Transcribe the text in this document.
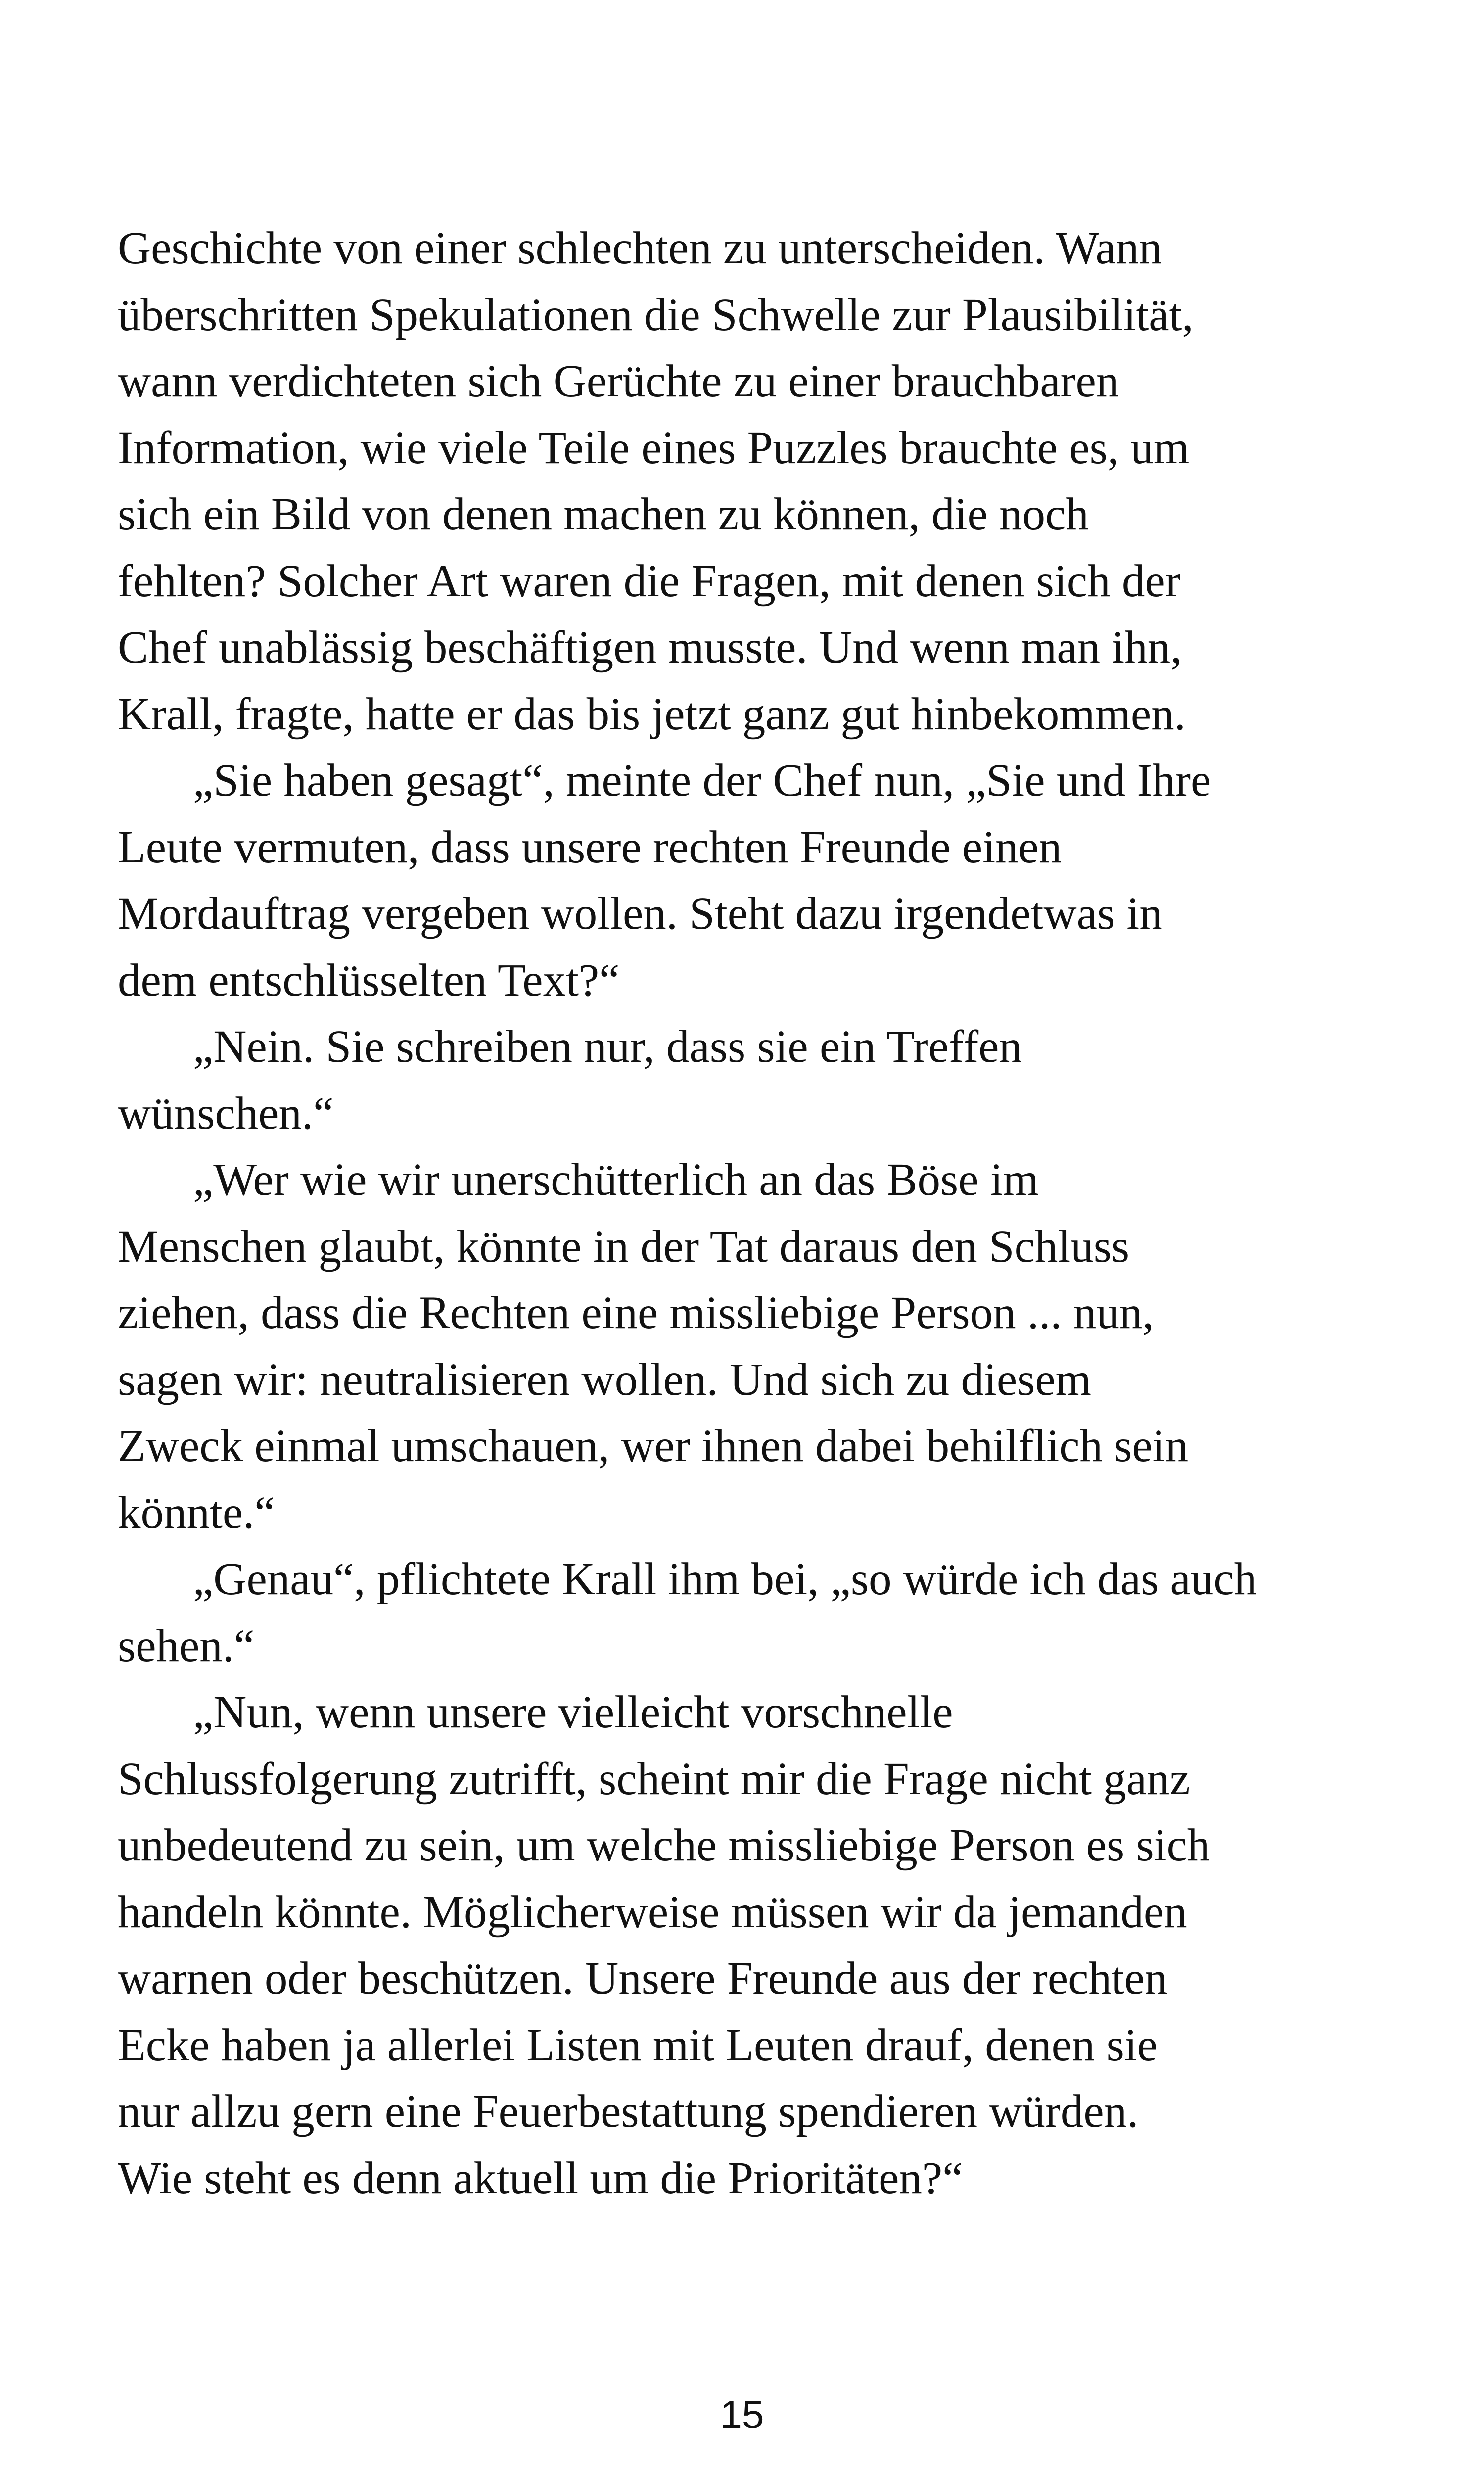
Geschichte von einer schlechten zu unterscheiden. Wann
überschritten Spekulationen die Schwelle zur Plausibilität,
wann verdichteten sich Gerüchte zu einer brauchbaren
Information, wie viele Teile eines Puzzles brauchte es, um
sich ein Bild von denen machen zu können, die noch
fehlten? Solcher Art waren die Fragen, mit denen sich der
Chef unablässig beschäftigen musste. Und wenn man ihn,
Krall, fragte, hatte er das bis jetzt ganz gut hinbekommen.
„Sie haben gesagt“, meinte der Chef nun, „Sie und Ihre
Leute vermuten, dass unsere rechten Freunde einen
Mordauftrag vergeben wollen. Steht dazu irgendetwas in
dem entschlüsselten Text?“
„Nein. Sie schreiben nur, dass sie ein Treffen
wünschen.“
„Wer wie wir unerschütterlich an das Böse im
Menschen glaubt, könnte in der Tat daraus den Schluss
ziehen, dass die Rechten eine missliebige Person ... nun,
sagen wir: neutralisieren wollen. Und sich zu diesem
Zweck einmal umschauen, wer ihnen dabei behilflich sein
könnte.“
„Genau“, pflichtete Krall ihm bei, „so würde ich das auch
sehen.“
„Nun, wenn unsere vielleicht vorschnelle
Schlussfolgerung zutrifft, scheint mir die Frage nicht ganz
unbedeutend zu sein, um welche missliebige Person es sich
handeln könnte. Möglicherweise müssen wir da jemanden
warnen oder beschützen. Unsere Freunde aus der rechten
Ecke haben ja allerlei Listen mit Leuten drauf, denen sie
nur allzu gern eine Feuerbestattung spendieren würden.
Wie steht es denn aktuell um die Prioritäten?“
15
